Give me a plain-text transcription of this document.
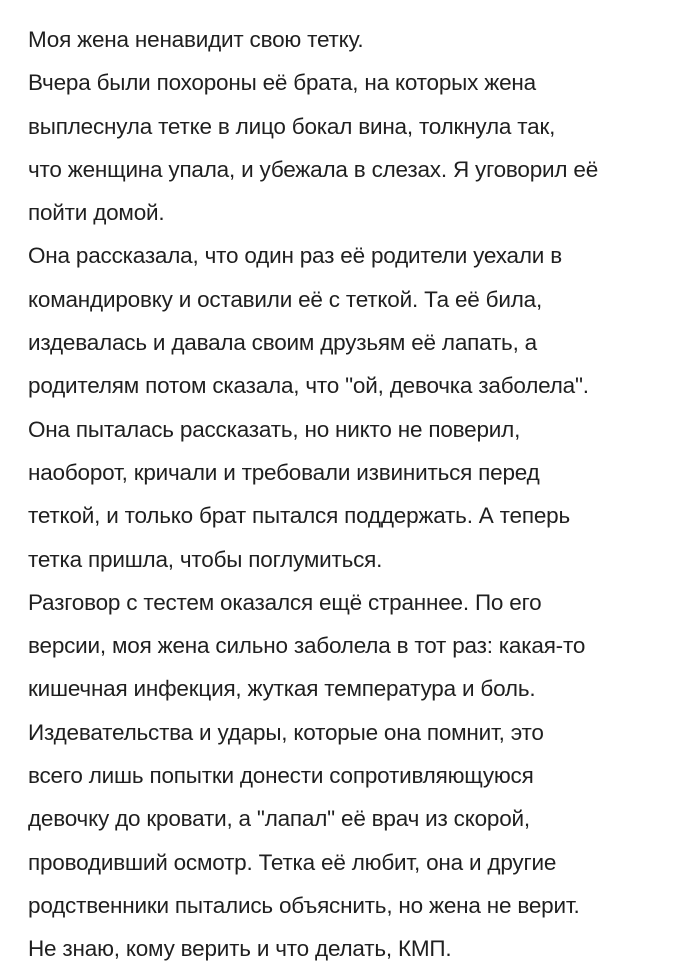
Моя жена ненавидит свою тетку.
Вчера были похороны её брата, на которых жена
выплеснула тетке в лицо бокал вина, толкнула так,
что женщина упала, и убежала в слезах. Я уговорил её
пойти домой.
Она рассказала, что один раз её родители уехали в
командировку и оставили её с теткой. Та её била,
издевалась и давала своим друзьям её лапать, а
родителям потом сказала, что "ой, девочка заболела".
Она пыталась рассказать, но никто не поверил,
наоборот, кричали и требовали извиниться перед
теткой, и только брат пытался поддержать. А теперь
тетка пришла, чтобы поглумиться.
Разговор с тестем оказался ещё страннее. По его
версии, моя жена сильно заболела в тот раз: какая-то
кишечная инфекция, жуткая температура и боль.
Издевательства и удары, которые она помнит, это
всего лишь попытки донести сопротивляющуюся
девочку до кровати, а "лапал" её врач из скорой,
проводивший осмотр. Тетка её любит, она и другие
родственники пытались объяснить, но жена не верит.
Не знаю, кому верить и что делать, КМП.
